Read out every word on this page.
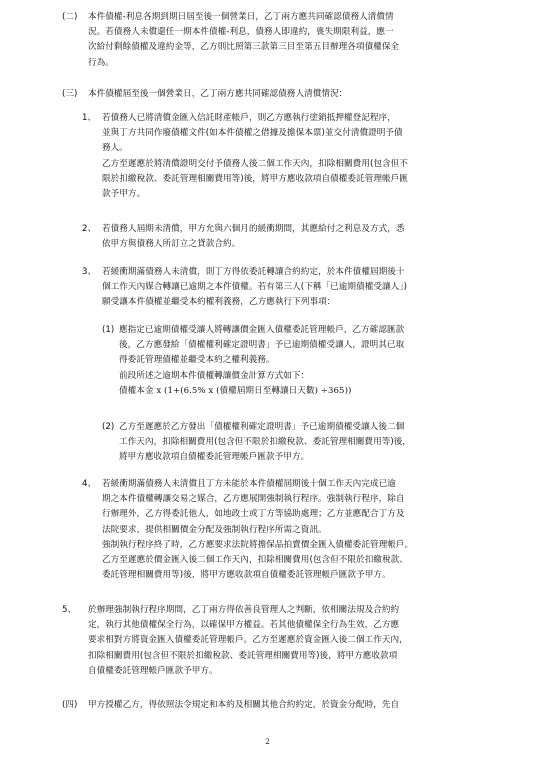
(二) 本件債權-利息各期到期日屆至後一個營業日，乙丁兩方應共同確認債務人清償情

況。若債務人未償還任一期本件債權-利息，債務人即違約，喪失期限利益，應一

次給付剩餘債權及違約金等，乙方則比照第三款第三目至第五目辦理各項債權保全

行為。

(三) 本件債權屆至後一個營業日，乙丁兩方應共同確認債務人清償情況：

1、 若債務人已將清償金匯入信託財產帳戶，則乙方應執行塗銷抵押權登記程序，

並與丁方共同作廢債權文件(如本件債權之借據及擔保本票)並交付清償證明予債

務人。

乙方至遲應於將清償證明交付予債務人後二個工作天內，扣除相關費用(包含但不

限於扣繳稅款、委託管理相關費用等)後，將甲方應收款項自債權委託管理帳戶匯

款予甲方。

2、 若債務人屆期未清償，甲方允與六個月的緩衝期間，其應給付之利息及方式，悉

依甲方與債務人所訂立之貸款合約。

3、 若緩衝期滿債務人未清償，則丁方得依委託轉讓合約約定，於本件債權屆期後十

個工作天內媒合轉讓已逾期之本件債權。若有第三人(下稱「已逾期債權受讓人」)

願受讓本件債權並繼受本約權利義務，乙方應執行下列事項：

(1) 應指定已逾期債權受讓人將轉讓價金匯入債權委託管理帳戶，乙方確認匯款

後，乙方應發給「債權權利確定證明書」予已逾期債權受讓人，證明其已取

得委託管理債權並繼受本約之權利義務。

前段所述之逾期本件債權轉讓價金計算方式如下：

債權本金 x (1+(6.5% x (債權屆期日至轉讓日天數) ÷365))

(2) 乙方至遲應於乙方發出「債權權利確定證明書」予已逾期債權受讓人後二個

工作天內，扣除相關費用(包含但不限於扣繳稅款、委託管理相關費用等)後，

將甲方應收款項自債權委託管理帳戶匯款予甲方。

4、 若緩衝期滿債務人未清償且丁方未能於本件債權屆期後十個工作天內完成已逾

期之本件債權轉讓交易之媒合，乙方應展開強制執行程序。強制執行程序，除自

行辦理外，乙方得委託他人，如地政士或丁方等協助處理；乙方並應配合丁方及

法院要求，提供相關價金分配及強制執行程序所需之資訊。

強制執行程序終了時，乙方應要求法院將擔保品拍賣價金匯入債權委託管理帳戶。

乙方至遲應於價金匯入後二個工作天內，扣除相關費用(包含但不限於扣繳稅款、

委託管理相關費用等)後，將甲方應收款項自債權委託管理帳戶匯款予甲方。

5、 於辦理強制執行程序期間，乙丁兩方得依善良管理人之判斷，依相關法規及合約約

定，執行其他債權保全行為，以確保甲方權益。若其他債權保全行為生效，乙方應

要求相對方將資金匯入債權委託管理帳戶。乙方至遲應於資金匯入後二個工作天內，

扣除相關費用(包含但不限於扣繳稅款、委託管理相關費用等)後，將甲方應收款項

自債權委託管理帳戶匯款予甲方。

(四) 甲方授權乙方，得依照法令規定和本約及相關其他合約約定，於資金分配時，先自

2
